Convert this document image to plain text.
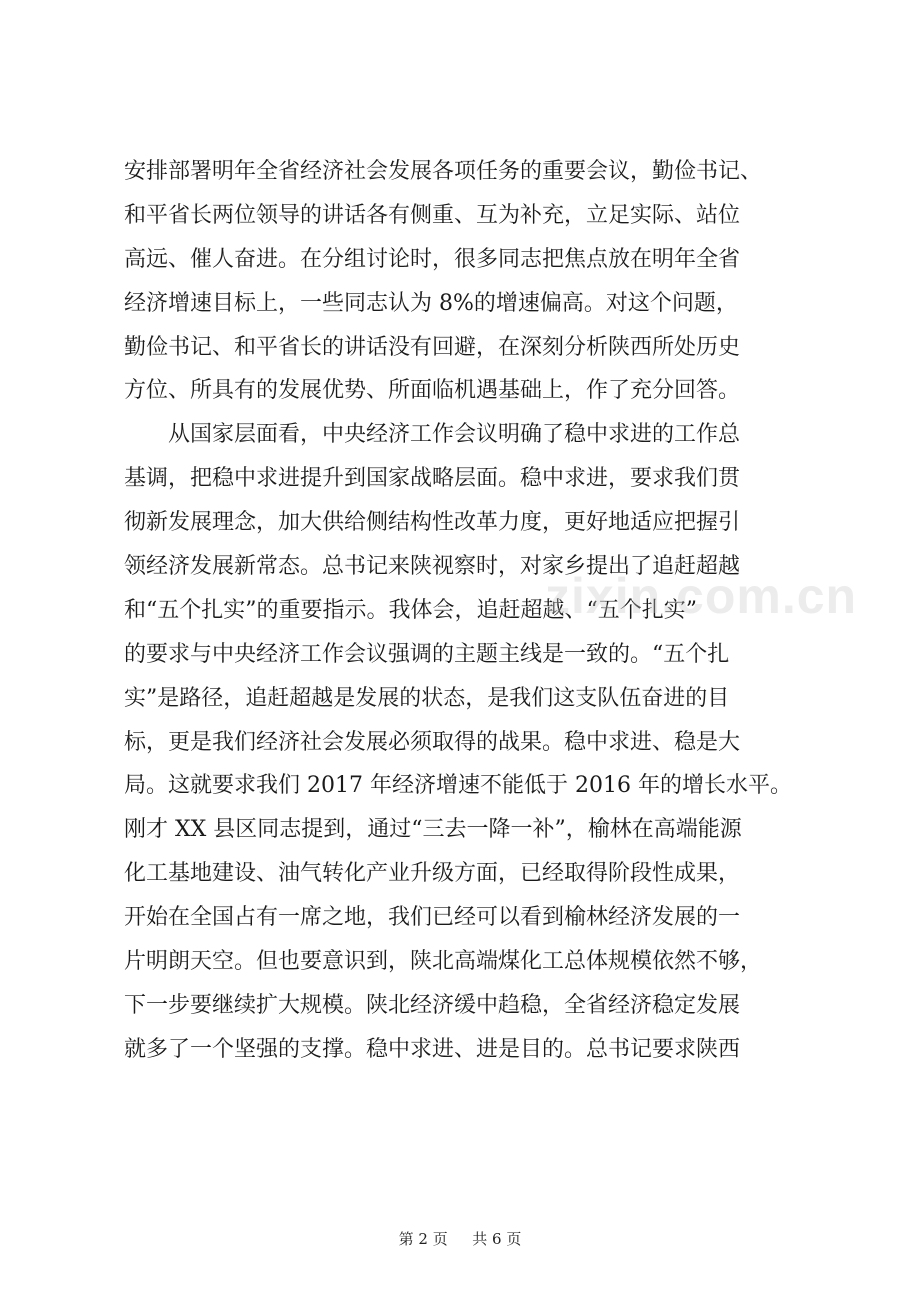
安排部署明年全省经济社会发展各项任务的重要会议，勤俭书记、
和平省长两位领导的讲话各有侧重、互为补充，立足实际、站位
高远、催人奋进。在分组讨论时，很多同志把焦点放在明年全省
经济增速目标上，一些同志认为 8%的增速偏高。对这个问题，
勤俭书记、和平省长的讲话没有回避，在深刻分析陕西所处历史
方位、所具有的发展优势、所面临机遇基础上，作了充分回答。
　　从国家层面看，中央经济工作会议明确了稳中求进的工作总
基调，把稳中求进提升到国家战略层面。稳中求进，要求我们贯
彻新发展理念，加大供给侧结构性改革力度，更好地适应把握引
领经济发展新常态。总书记来陕视察时，对家乡提出了追赶超越
和“五个扎实”的重要指示。我体会，追赶超越、“五个扎实”
的要求与中央经济工作会议强调的主题主线是一致的。“五个扎
实”是路径，追赶超越是发展的状态，是我们这支队伍奋进的目
标，更是我们经济社会发展必须取得的战果。稳中求进、稳是大
局。这就要求我们 2017 年经济增速不能低于 2016 年的增长水平。
刚才 XX 县区同志提到，通过“三去一降一补”，榆林在高端能源
化工基地建设、油气转化产业升级方面，已经取得阶段性成果，
开始在全国占有一席之地，我们已经可以看到榆林经济发展的一
片明朗天空。但也要意识到，陕北高端煤化工总体规模依然不够，
下一步要继续扩大规模。陕北经济缓中趋稳，全省经济稳定发展
就多了一个坚强的支撑。稳中求进、进是目的。总书记要求陕西
zixin.com.cn
第 2 页 　 共 6 页
